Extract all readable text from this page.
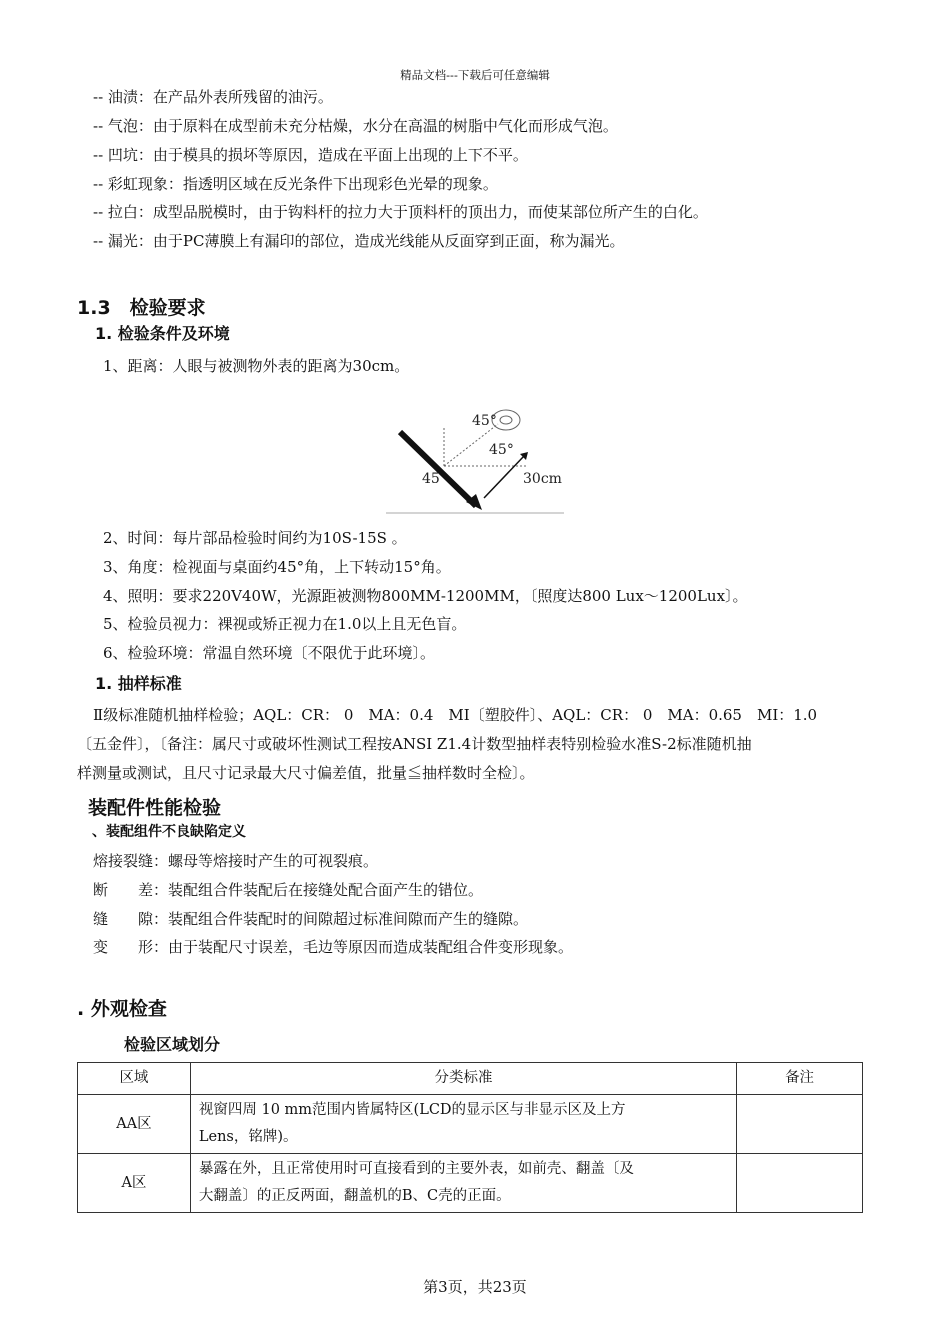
精品文档---下载后可任意编辑
-- 油渍：在产品外表所残留的油污。
-- 气泡：由于原料在成型前未充分枯燥，水分在高温的树脂中气化而形成气泡。
-- 凹坑：由于模具的损坏等原因，造成在平面上出现的上下不平。
-- 彩虹现象：指透明区域在反光条件下出现彩色光晕的现象。
-- 拉白：成型品脱模时，由于钩料杆的拉力大于顶料杆的顶出力，而使某部位所产生的白化。
-- 漏光：由于PC薄膜上有漏印的部位，造成光线能从反面穿到正面，称为漏光。
1.3　检验要求
1. 检验条件及环境
1、距离：人眼与被测物外表的距离为30cm。
45°
45°
45	30cm
2、时间：每片部品检验时间约为10S-15S 。
3、角度：检视面与桌面约45°角，上下转动15°角。
4、照明：要求220V40W，光源距被测物800MM-1200MM，〔照度达800 Lux～1200Lux〕。
5、检验员视力：裸视或矫正视力在1.0以上且无色盲。
6、检验环境：常温自然环境〔不限优于此环境〕。
1. 抽样标准
Ⅱ级标准随机抽样检验；AQL：CR： 0　MA：0.4　MI〔塑胶件〕、AQL：CR： 0　MA：0.65　MI：1.0
〔五金件〕，〔备注：属尺寸或破坏性测试工程按ANSI Z1.4计数型抽样表特别检验水准S-2标准随机抽
样测量或测试，且尺寸记录最大尺寸偏差值，批量≦抽样数时全检〕。
装配件性能检验
、装配组件不良缺陷定义
熔接裂缝：螺母等熔接时产生的可视裂痕。
断　　差：装配组合件装配后在接缝处配合面产生的错位。
缝　　隙：装配组合件装配时的间隙超过标准间隙而产生的缝隙。
变　　形：由于装配尺寸误差，毛边等原因而造成装配组合件变形现象。
. 外观检查
检验区域划分
区域	分类标准	备注
AA区	视窗四周 10 mm范围内皆属特区(LCD的显示区与非显示区及上方
Lens，铭牌)。	

A区	暴露在外，且正常使用时可直接看到的主要外表，如前壳、翻盖〔及
大翻盖〕的正反两面，翻盖机的B、C壳的正面。	

第3页，共23页
